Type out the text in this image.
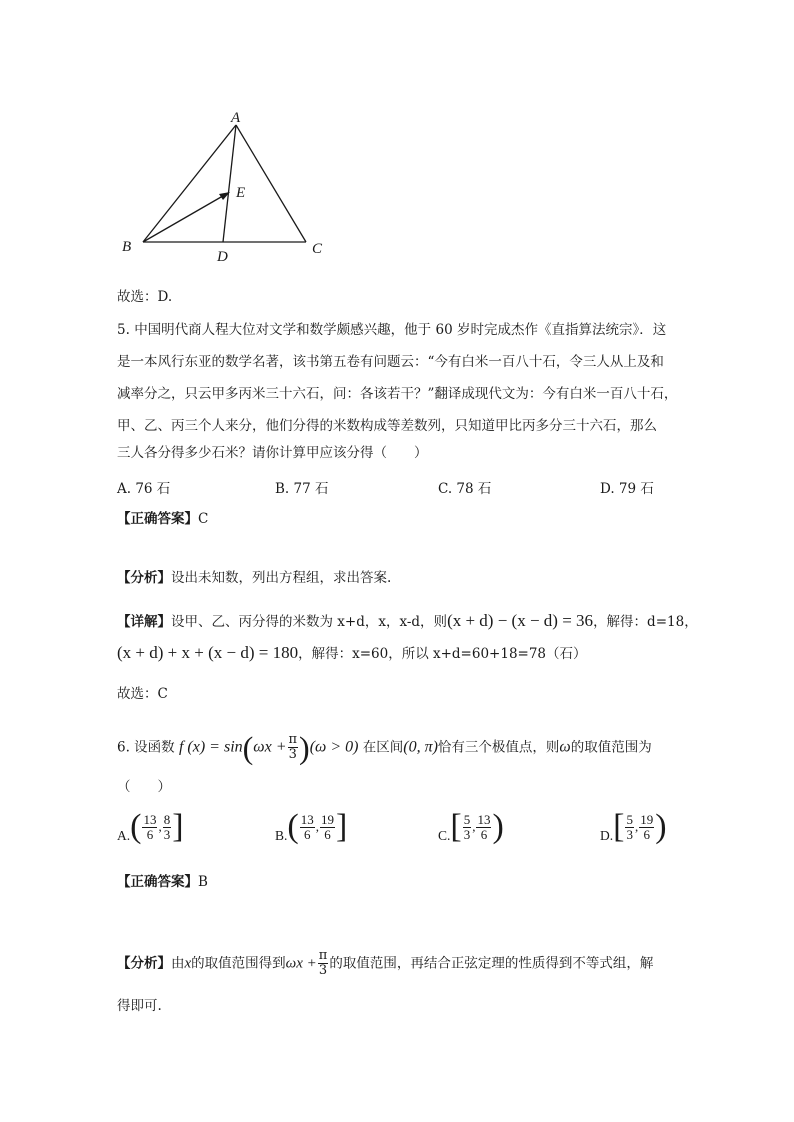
A
E
B
D	C
故选：D.
5. 中国明代商人程大位对文学和数学颇感兴趣，他于 60 岁时完成杰作《直指算法统宗》．这
是一本风行东亚的数学名著，该书第五卷有问题云：“今有白米一百八十石，令三人从上及和
减率分之，只云甲多丙米三十六石，问：各该若干？”翻译成现代文为：今有白米一百八十石，
甲、乙、丙三个人来分，他们分得的米数构成等差数列，只知道甲比丙多分三十六石，那么
三人各分得多少石米？请你计算甲应该分得（　　）
A. 76 石	B. 77 石	C. 78 石	D. 79 石
【正确答案】C
【分析】设出未知数，列出方程组，求出答案.
【详解】设甲、乙、丙分得的米数为 x+d，x，x-d，则(x + d) − (x − d) = 36，解得：d=18，
(x + d) + x + (x − d) = 180，解得：x=60，所以 x+d=60+18=78（石）
故选：C
6. 设函数 f $(x) = \sin(\omega x + \frac{\pi}{3} )(\omega > 0)$ 在区间(0, π)恰有三个极值点，则ω的取值范围为
（　　）
A. ( $\frac{13}{6}$ , $\frac{8}{3}$ ]	B. ( $\frac{13}{6}$ , $\frac{19}{6}$ ]	C. [ $\frac{5}{3}$ , $\frac{13}{6}$ )	D. [ $\frac{5}{3}$ , $\frac{19}{6}$ )
【正确答案】B
【分析】由x的取值范围得到$\omega x + \frac{\pi}{3}$ 的取值范围，再结合正弦定理的性质得到不等式组，解
得即可.
